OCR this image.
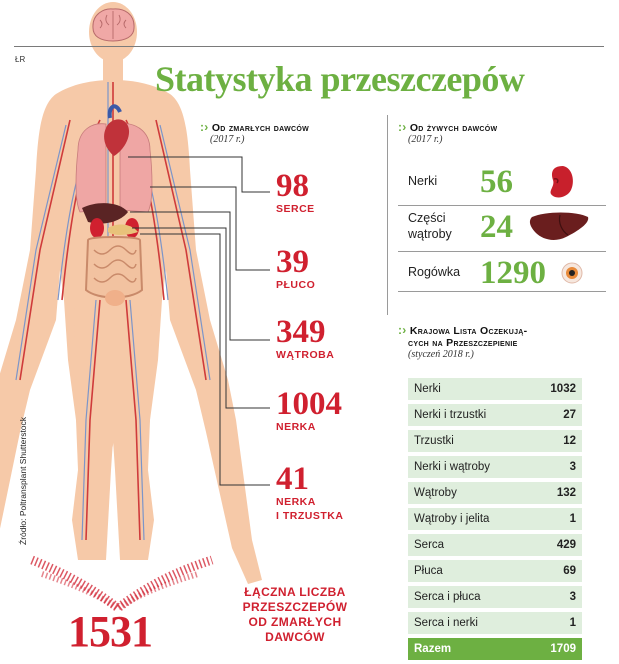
ŁR	Statystyka przeszczepów
Źródło: Poltransplant Shutterstock
:› Od zmarłych dawców
(2017 r.)
98
SERCE
39
PŁUCO
349
WĄTROBA
1004
NERKA
41
NERKA
I TRZUSTKA
:› Od żywych dawców
(2017 r.)
Nerki 56
Części
wątroby 24
Rogówka 1290
:› Krajowa Lista Oczekują-
cych na Przeszczepienie
(styczeń 2018 r.)
Nerki	1032
Nerki i trzustki	27
Trzustki	12
Nerki i wątroby	3
Wątroby	132
Wątroby i jelita	1
Serca	429
Płuca	69
Serca i płuca	3
Serca i nerki	1
Razem	1709
1531
ŁĄCZNA LICZBA
PRZESZCZEPÓW
OD ZMARŁYCH
DAWCÓW
